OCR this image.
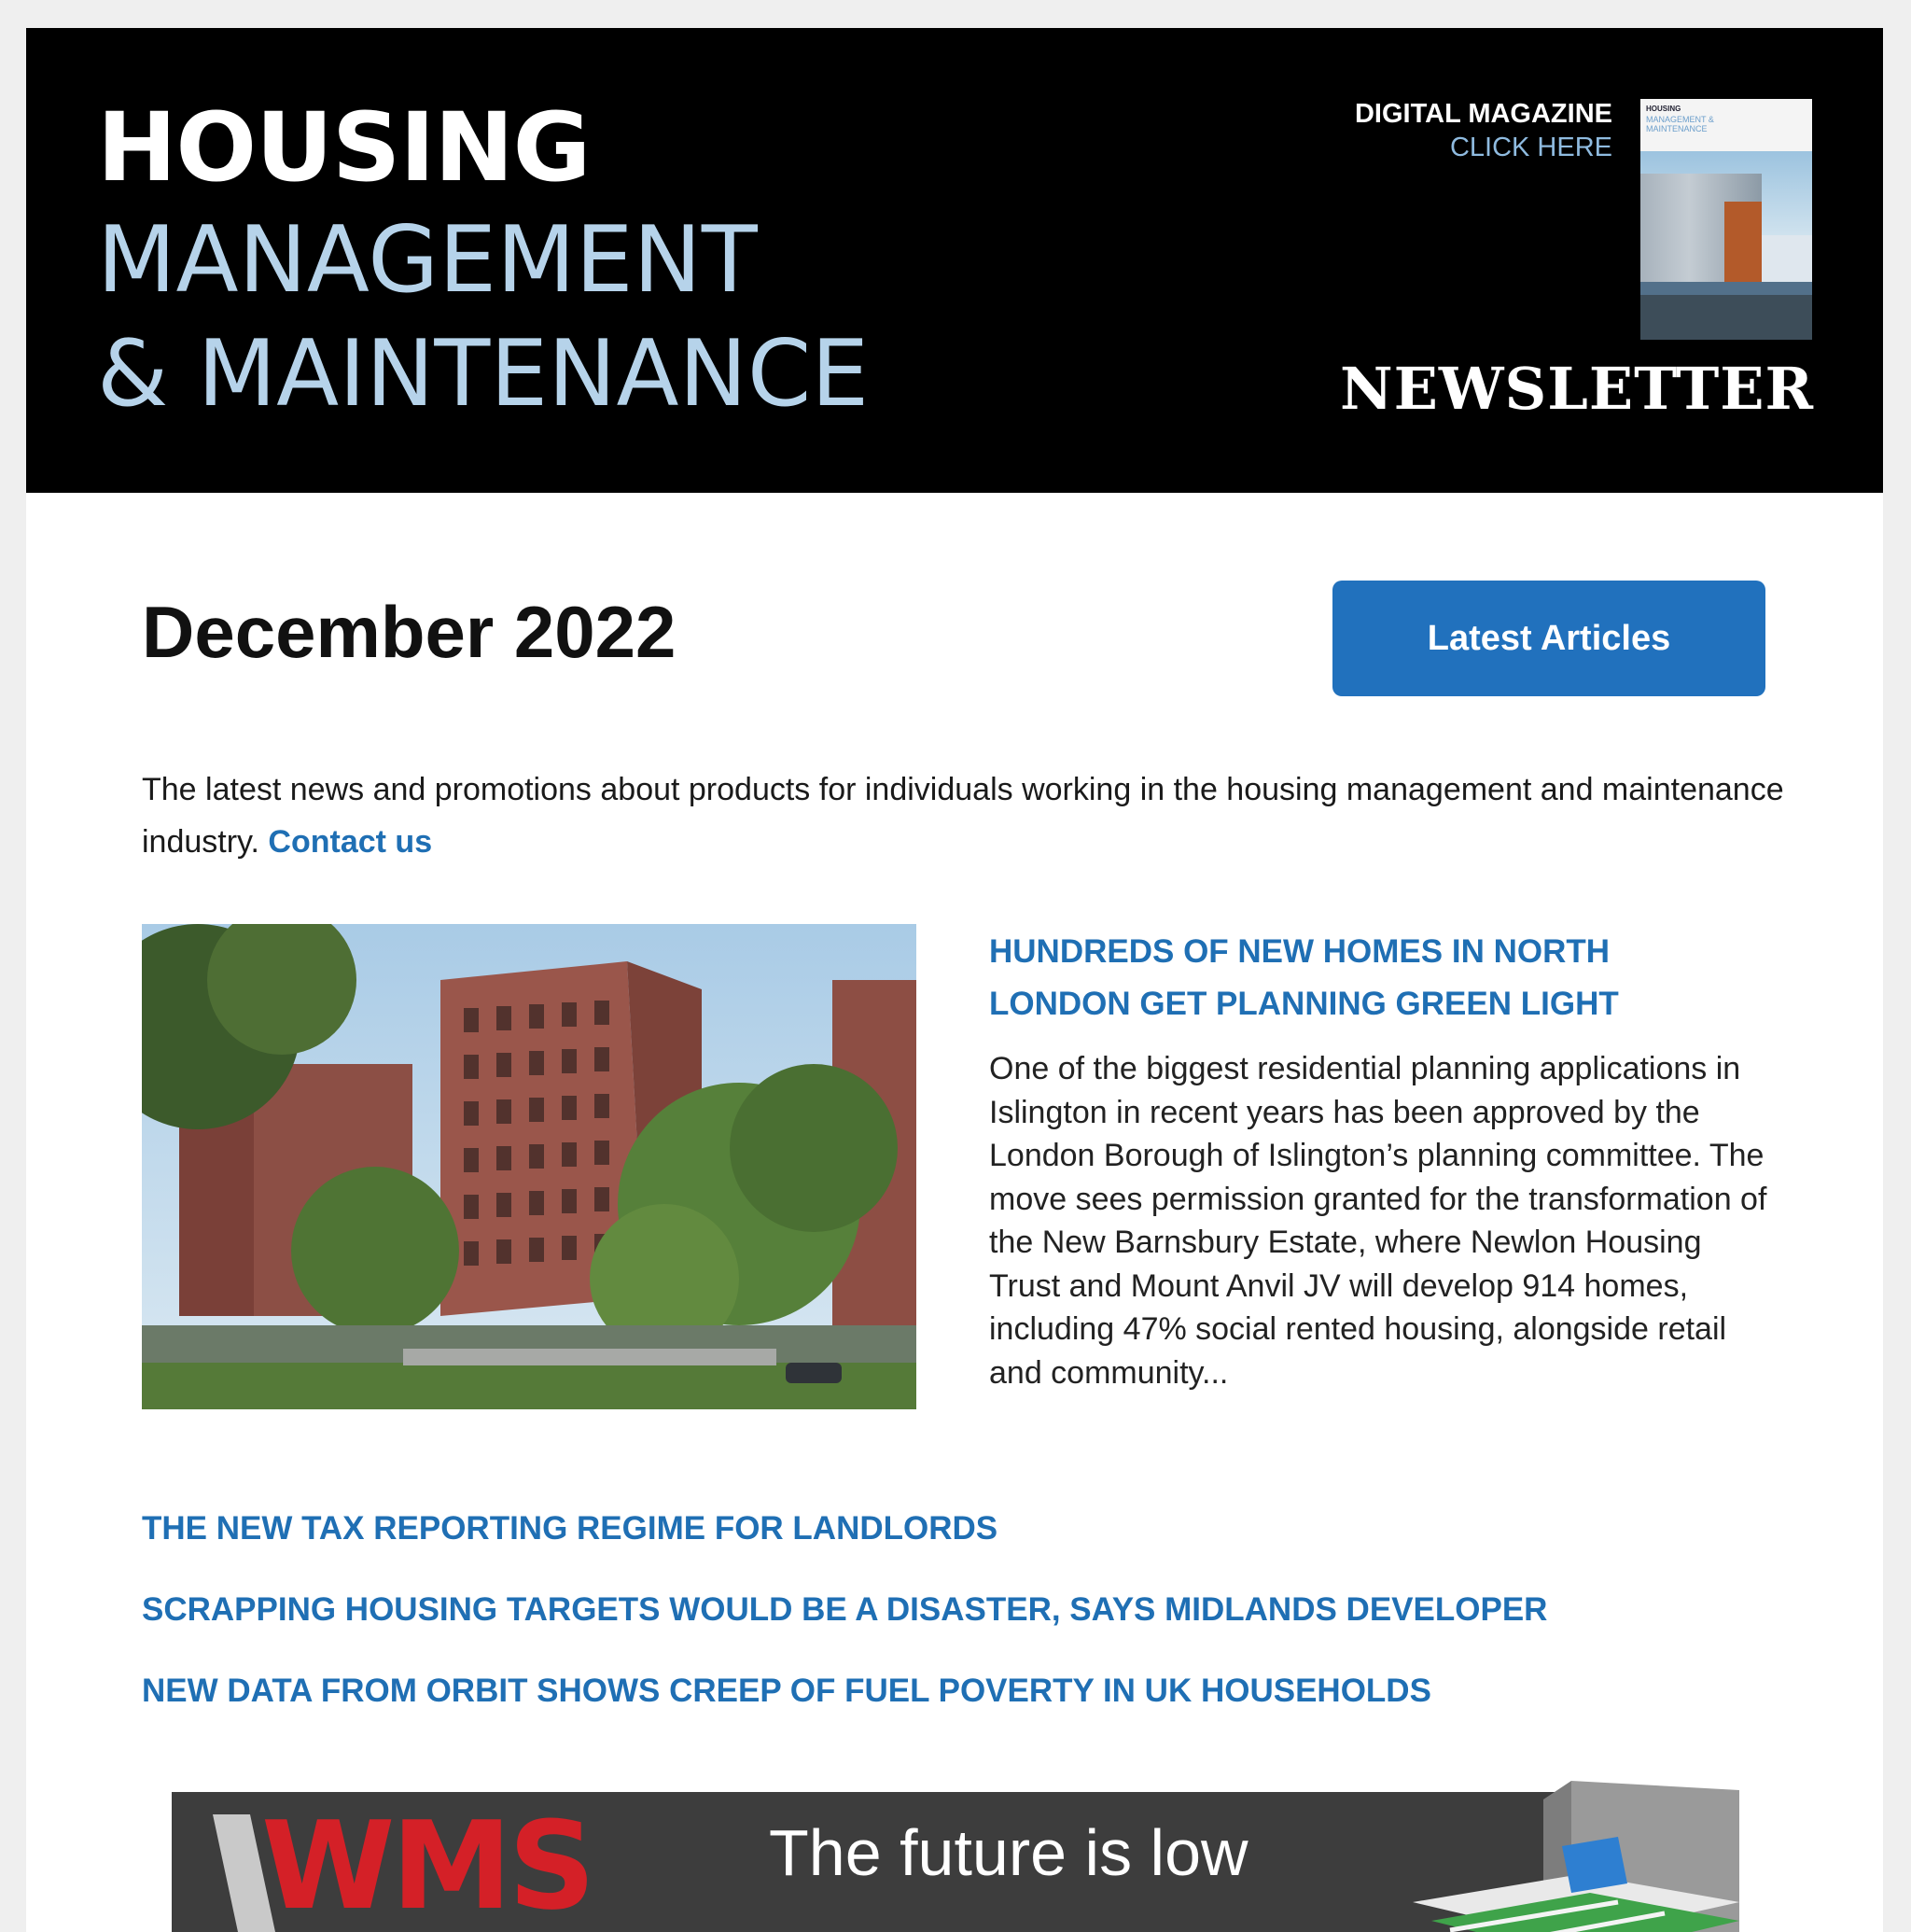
HOUSING
MANAGEMENT
& MAINTENANCE
DIGITAL MAGAZINE
CLICK HERE
HOUSING
MANAGEMENT & MAINTENANCE
NEWSLETTER
December 2022	Latest Articles
The latest news and promotions about products for individuals working in the housing management and maintenance industry. Contact us
HUNDREDS OF NEW HOMES IN NORTH LONDON GET PLANNING GREEN LIGHT
One of the biggest residential planning applications in Islington in recent years has been approved by the London Borough of Islington’s planning committee. The move sees permission granted for the transformation of the New Barnsbury Estate, where Newlon Housing Trust and Mount Anvil JV will develop 914 homes, including 47% social rented housing, alongside retail and community...
THE NEW TAX REPORTING REGIME FOR LANDLORDS
SCRAPPING HOUSING TARGETS WOULD BE A DISASTER, SAYS MIDLANDS DEVELOPER
NEW DATA FROM ORBIT SHOWS CREEP OF FUEL POVERTY IN UK HOUSEHOLDS
WMS	The future is low
